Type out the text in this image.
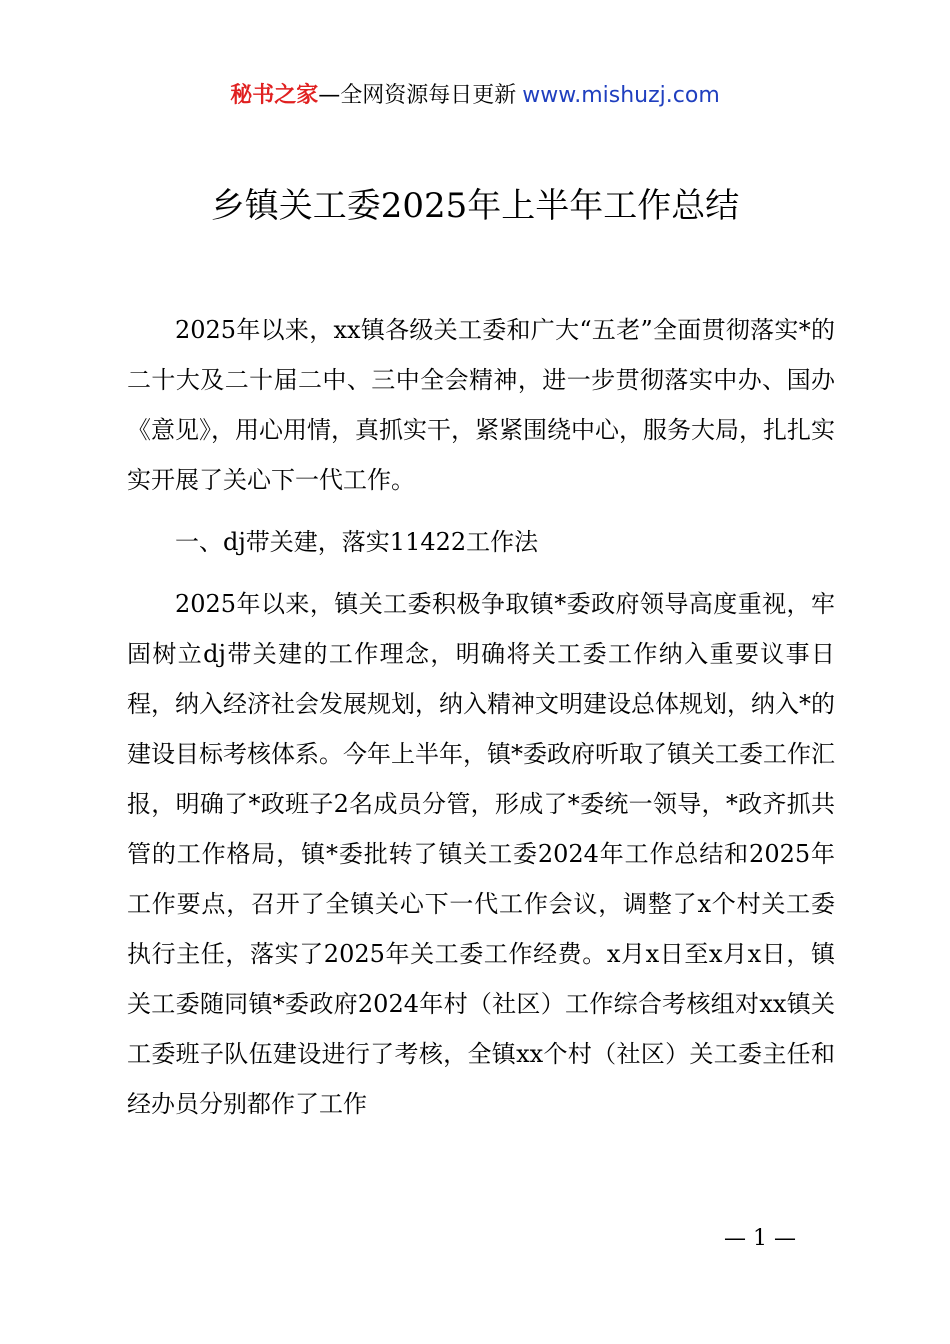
秘书之家—全网资源每日更新 www.mishuzj.com
乡镇关工委2025年上半年工作总结

2025年以来，xx镇各级关工委和广大“五老”全面贯彻落实*的二十大及二十届二中、三中全会精神，进一步贯彻落实中办、国办《意见》，用心用情，真抓实干，紧紧围绕中心，服务大局，扎扎实实开展了关心下一代工作。

一、dj带关建，落实11422工作法

2025年以来，镇关工委积极争取镇*委政府领导高度重视，牢固树立dj带关建的工作理念，明确将关工委工作纳入重要议事日程，纳入经济社会发展规划，纳入精神文明建设总体规划，纳入*的建设目标考核体系。今年上半年，镇*委政府听取了镇关工委工作汇报，明确了*政班子2名成员分管，形成了*委统一领导，*政齐抓共管的工作格局，镇*委批转了镇关工委2024年工作总结和2025年工作要点，召开了全镇关心下一代工作会议，调整了x个村关工委执行主任，落实了2025年关工委工作经费。x月x日至x月x日，镇关工委随同镇*委政府2024年村（社区）工作综合考核组对xx镇关工委班子队伍建设进行了考核，全镇xx个村（社区）关工委主任和经办员分别都作了工作

— 1 —
